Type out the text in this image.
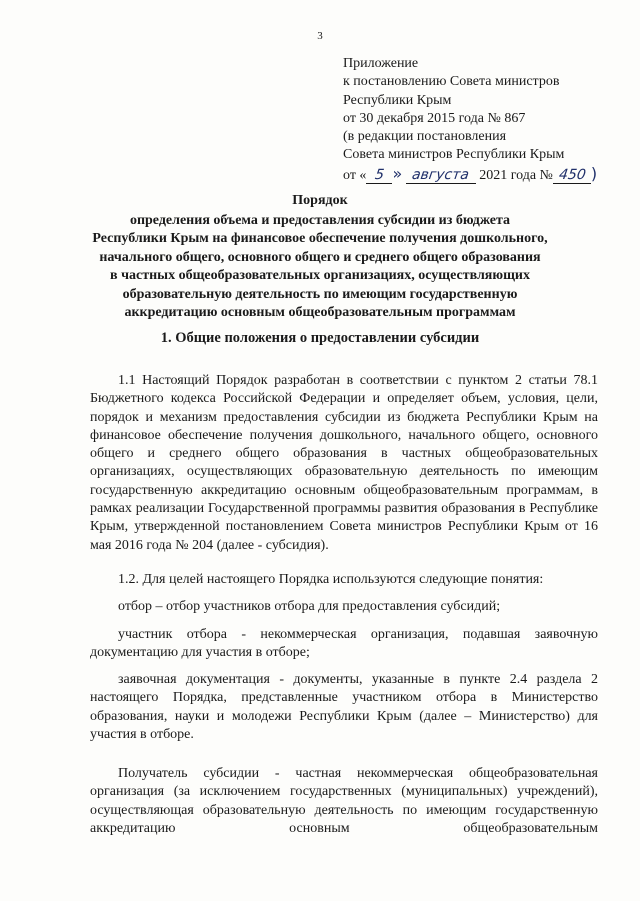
3
Приложение
к постановлению Совета министров
Республики Крым
от 30 декабря 2015 года № 867
(в редакции постановления
Совета министров Республики Крым
от « 5 » августа 2021 года № 450 )
Порядок
определения объема и предоставления субсидии из бюджета
Республики Крым на финансовое обеспечение получения дошкольного,
начального общего, основного общего и среднего общего образования
в частных общеобразовательных организациях, осуществляющих
образовательную деятельность по имеющим государственную
аккредитацию основным общеобразовательным программам
1. Общие положения о предоставлении субсидии

1.1 Настоящий Порядок разработан в соответствии с пунктом 2 статьи 78.1 Бюджетного кодекса Российской Федерации и определяет объем, условия, цели, порядок и механизм предоставления субсидии из бюджета Республики Крым на финансовое обеспечение получения дошкольного, начального общего, основного общего и среднего общего образования в частных общеобразовательных организациях, осуществляющих образовательную деятельность по имеющим государственную аккредитацию основным общеобразовательным программам, в рамках реализации Государственной программы развития образования в Республике Крым, утвержденной постановлением Совета министров Республики Крым от 16 мая 2016 года № 204 (далее - субсидия).

1.2. Для целей настоящего Порядка используются следующие понятия:
отбор – отбор участников отбора для предоставления субсидий;
участник отбора - некоммерческая организация, подавшая заявочную документацию для участия в отборе;
заявочная документация - документы, указанные в пункте 2.4 раздела 2 настоящего Порядка, представленные участником отбора в Министерство образования, науки и молодежи Республики Крым (далее – Министерство) для участия в отборе.
Получатель субсидии - частная некоммерческая общеобразовательная организация (за исключением государственных (муниципальных) учреждений), осуществляющая образовательную деятельность по имеющим государственную аккредитацию основным общеобразовательным
